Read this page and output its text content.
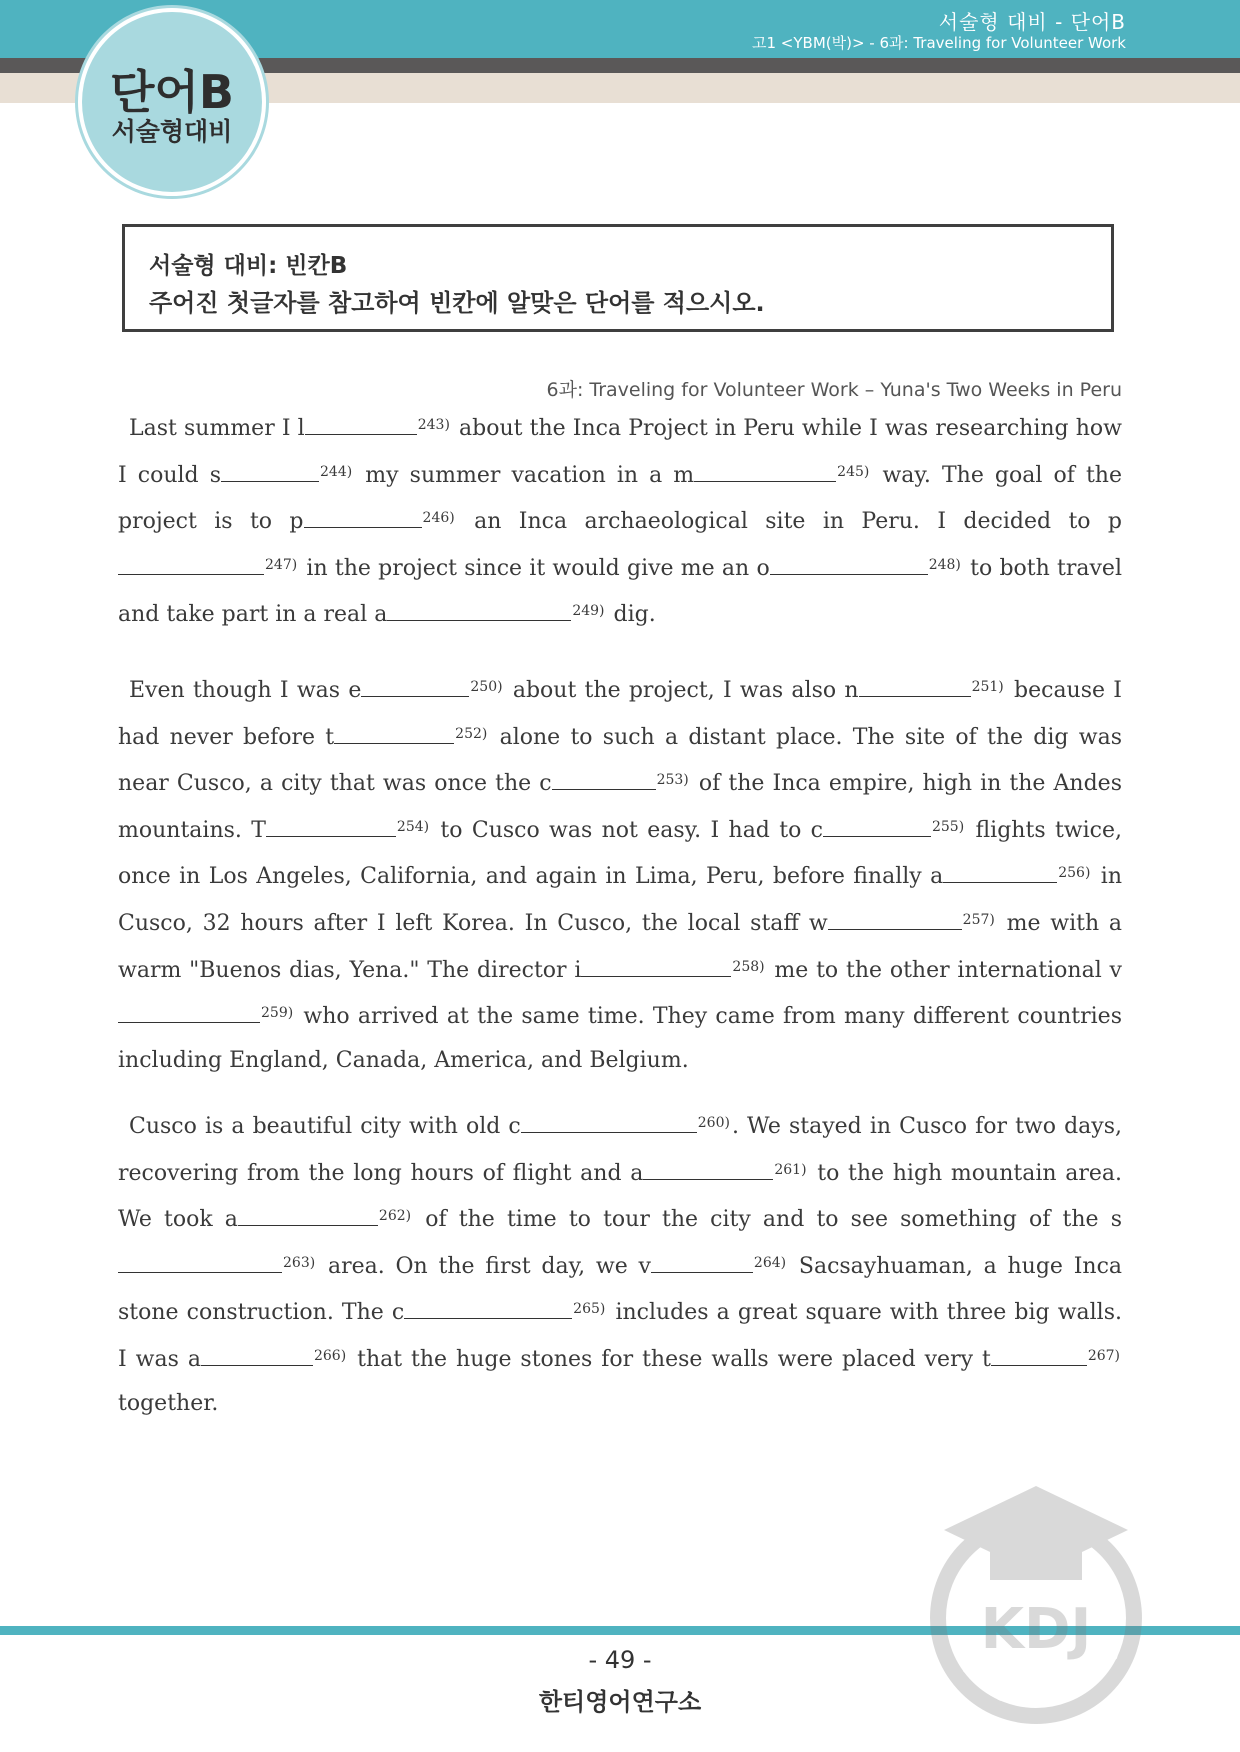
서술형 대비 - 단어B
고1 <YBM(박)> - 6과: Traveling for Volunteer Work
단어B
서술형대비
서술형 대비: 빈칸B
주어진 첫글자를 참고하여 빈칸에 알맞은 단어를 적으시오.
6과: Traveling for Volunteer Work – Yuna's Two Weeks in Peru

Last summer I l	$^{243)}$ about the Inca Project in Peru while I was researching how I could s	$^{244)}$ my summer vacation in a m	$^{245)}$ way. The goal of the project is to p	$^{246)}$ an Inca archaeological site in Peru. I decided to $p^{247)}$ in the project since it would give me an o	$^{248)}$ to both travel and take part in a real a	$^{249)}$ dig.

Even though I was e	$^{250)}$ about the project, I was also n	$^{251)}$ because I had never before t	$^{252)}$ alone to such a distant place. The site of the dig was near Cusco, a city that was once the c	$^{253)}$ of the Inca empire, high in the Andes mountains. T	$^{254)}$ to Cusco was not easy. I had to c	$^{255)}$ flights twice, once in Los Angeles, California, and again in Lima, Peru, before finally a	$^{256)}$ in Cusco, 32 hours after I left Korea. In Cusco, the local staff w	$^{257)}$ me with a warm "Buenos dias, Yena." The director i	$^{258)}$ me to the other international $v^{259)}$ who arrived at the same time. They came from many different countries including England, Canada, America, and Belgium.

Cusco is a beautiful city with old c	$^{260)}$. We stayed in Cusco for two days, recovering from the long hours of flight and a	$^{261)}$ to the high mountain area. We took a	$^{262)}$ of the time to tour the city and to see something of the $s^{263)}$ area. On the first day, we v	$^{264)}$ Sacsayhuaman, a huge Inca stone construction. The c	$^{265)}$ includes a great square with three big walls. I was a	$^{266)}$ that the huge stones for these walls were placed very t	$^{267)}$ together.

- 49 -
한티영어연구소
KDJ
KDJ English Academy
★	★
